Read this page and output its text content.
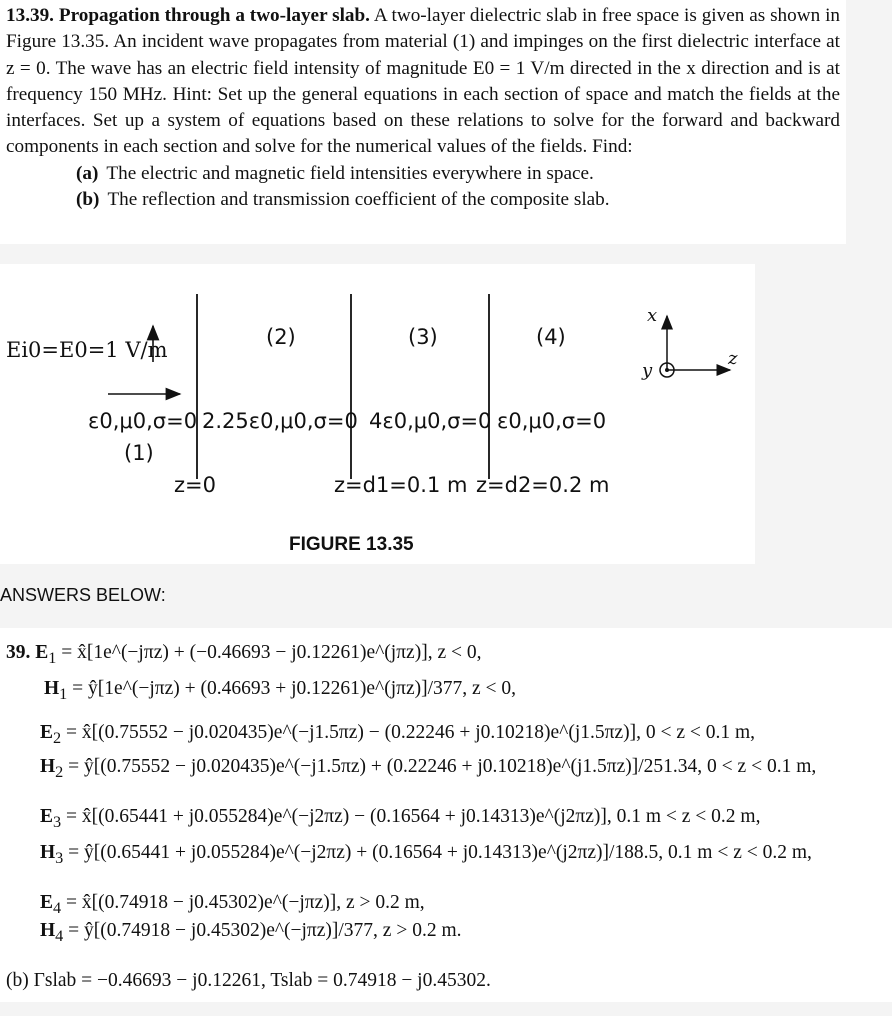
13.39. Propagation through a two-layer slab. A two-layer dielectric slab in free space is given as shown in Figure 13.35. An incident wave propagates from material (1) and impinges on the first dielectric interface at z = 0. The wave has an electric field intensity of magnitude E0 = 1 V/m directed in the x direction and is at frequency 150 MHz. Hint: Set up the general equations in each section of space and match the fields at the interfaces. Set up a system of equations based on these relations to solve for the forward and backward components in each section and solve for the numerical values of the fields. Find:
(a) The electric and magnetic field intensities everywhere in space.
(b) The reflection and transmission coefficient of the composite slab.
Ei0=E0=1 V/m
(2)	(3)	(4)
(1)
ε0,μ0,σ=0 2.25ε0,μ0,σ=0 4ε0,μ0,σ=0 ε0,μ0,σ=0
z=0	z=d1=0.1 m z=d2=0.2 m
x
y
z
FIGURE 13.35
ANSWERS BELOW:
39. $E_1$ = x̂[1e^(−jπz) + (−0.46693 − j0.12261)e^(jπz)], z < 0,
$H_1$ = ŷ[1e^(−jπz) + (0.46693 + j0.12261)e^(jπz)]/377, z < 0,
$E_2$ = x̂[(0.75552 − j0.020435)e^(−j1.5πz) − (0.22246 + j0.10218)e^(j1.5πz)], 0 < z < 0.1 m,
$H_2$ = ŷ[(0.75552 − j0.020435)e^(−j1.5πz) + (0.22246 + j0.10218)e^(j1.5πz)]/251.34, 0 < z < 0.1 m,
$E_3$ = x̂[(0.65441 + j0.055284)e^(−j2πz) − (0.16564 + j0.14313)e^(j2πz)], 0.1 m < z < 0.2 m,
$H_3$ = ŷ[(0.65441 + j0.055284)e^(−j2πz) + (0.16564 + j0.14313)e^(j2πz)]/188.5, 0.1 m < z < 0.2 m,
$E_4$ = x̂[(0.74918 − j0.45302)e^(−jπz)], z > 0.2 m,
$H_4$ = ŷ[(0.74918 − j0.45302)e^(−jπz)]/377, z > 0.2 m.
(b) Γslab = −0.46693 − j0.12261, Tslab = 0.74918 − j0.45302.
